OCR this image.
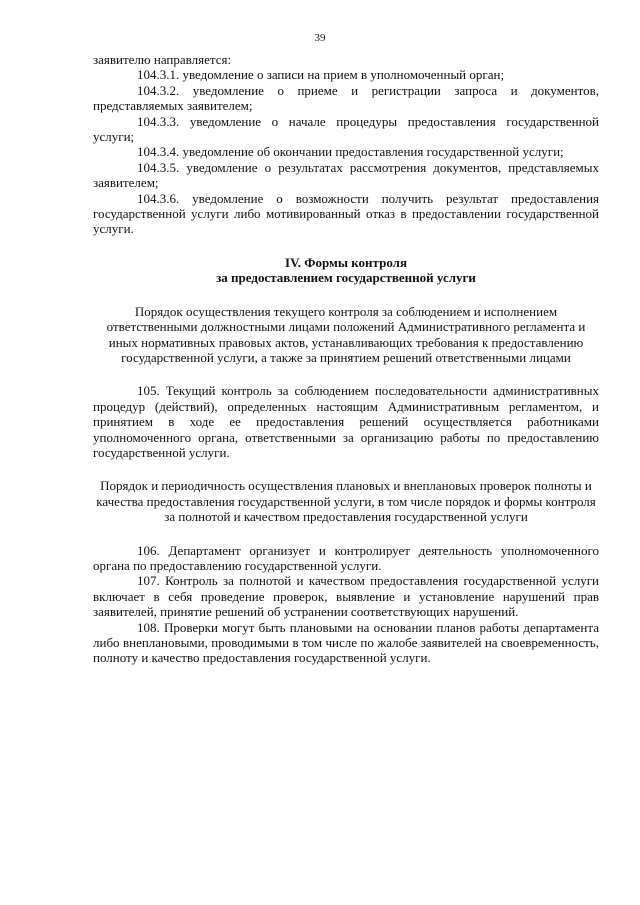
39

заявителю направляется:

104.3.1. уведомление о записи на прием в уполномоченный орган;

104.3.2. уведомление о приеме и регистрации запроса и документов, представляемых заявителем;

104.3.3. уведомление о начале процедуры предоставления государственной услуги;

104.3.4. уведомление об окончании предоставления государственной услуги;

104.3.5. уведомление о результатах рассмотрения документов, представляемых заявителем;

104.3.6. уведомление о возможности получить результат предоставления государственной услуги либо мотивированный отказ в предоставлении государственной услуги.

IV. Формы контроля

за предоставлением государственной услуги

Порядок осуществления текущего контроля за соблюдением и исполнением ответственными должностными лицами положений Административного регламента и иных нормативных правовых актов, устанавливающих требования к предоставлению государственной услуги, а также за принятием решений ответственными лицами

105. Текущий контроль за соблюдением последовательности административных процедур (действий), определенных настоящим Административным регламентом, и принятием в ходе ее предоставления решений осуществляется работниками уполномоченного органа, ответственными за организацию работы по предоставлению государственной услуги.

Порядок и периодичность осуществления плановых и внеплановых проверок полноты и качества предоставления государственной услуги, в том числе порядок и формы контроля за полнотой и качеством предоставления государственной услуги

106. Департамент организует и контролирует деятельность уполномоченного органа по предоставлению государственной услуги.

107. Контроль за полнотой и качеством предоставления государственной услуги включает в себя проведение проверок, выявление и установление нарушений прав заявителей, принятие решений об устранении соответствующих нарушений.

108. Проверки могут быть плановыми на основании планов работы департамента либо внеплановыми, проводимыми в том числе по жалобе заявителей на своевременность, полноту и качество предоставления государственной услуги.
